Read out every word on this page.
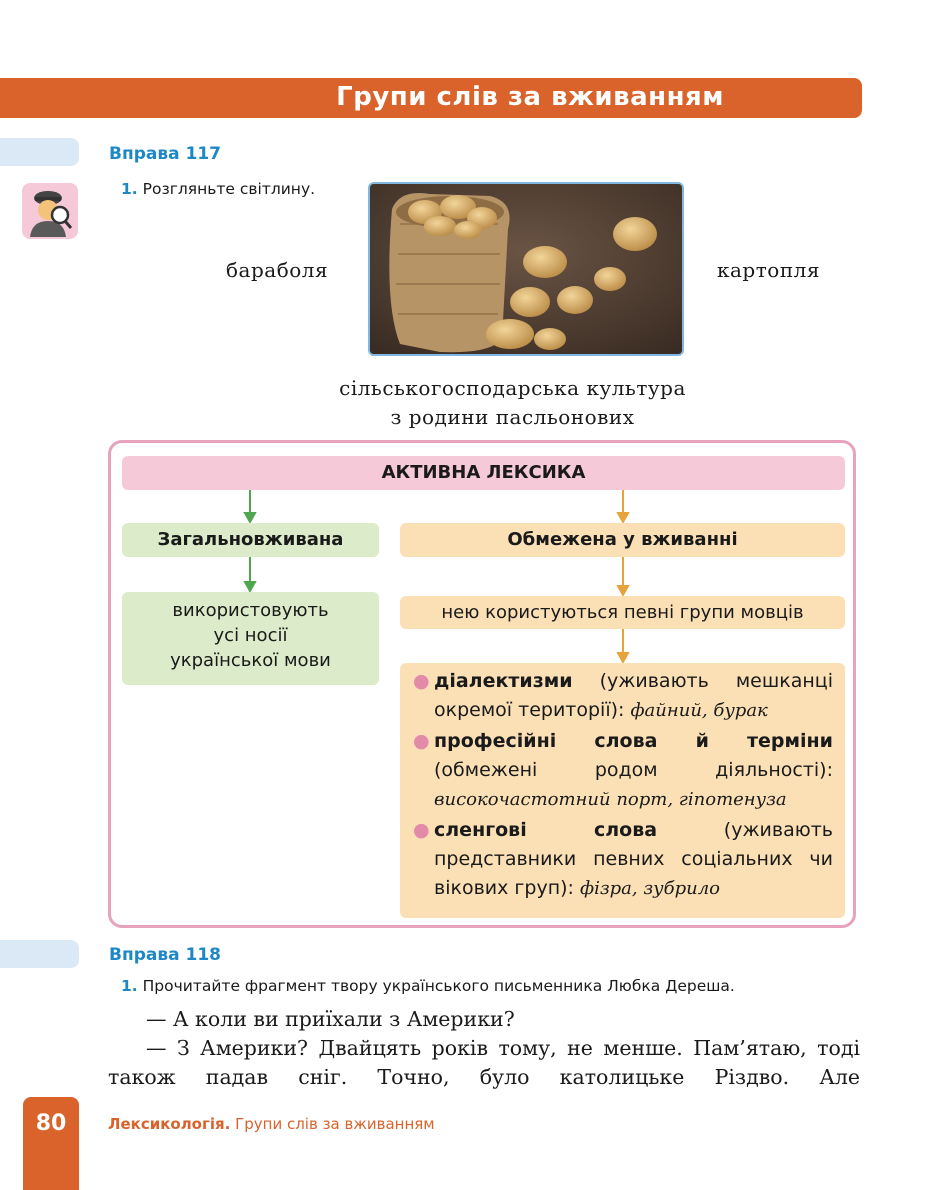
Групи слів за вживанням
Вправа 117
1. Розгляньте світлину.
бараболя	картопля
сільськогосподарська культура
з родини пасльонових
АКТИВНА ЛЕКСИКА
Загальновживана	Обмежена у вживанні
використовують
усі носії
української мови
нею користуються певні групи мовців

● діалектизми (уживають мешканці окремої території): файний, бурак

● професійні слова й терміни (обмежені родом діяльності): високочастотний порт, гіпотенуза

● сленгові слова (уживають представники певних соціальних чи вікових груп): фізра, зубрило

Вправа 118
1. Прочитайте фрагмент твору українського письменника Любка Дереша.
— А коли ви приїхали з Америки?
— З Америки? Двайцять років тому, не менше. Пам’ятаю, тоді також падав сніг. Точно, було католицьке Різдво. Але
80	Лексикологія. Групи слів за вживанням
